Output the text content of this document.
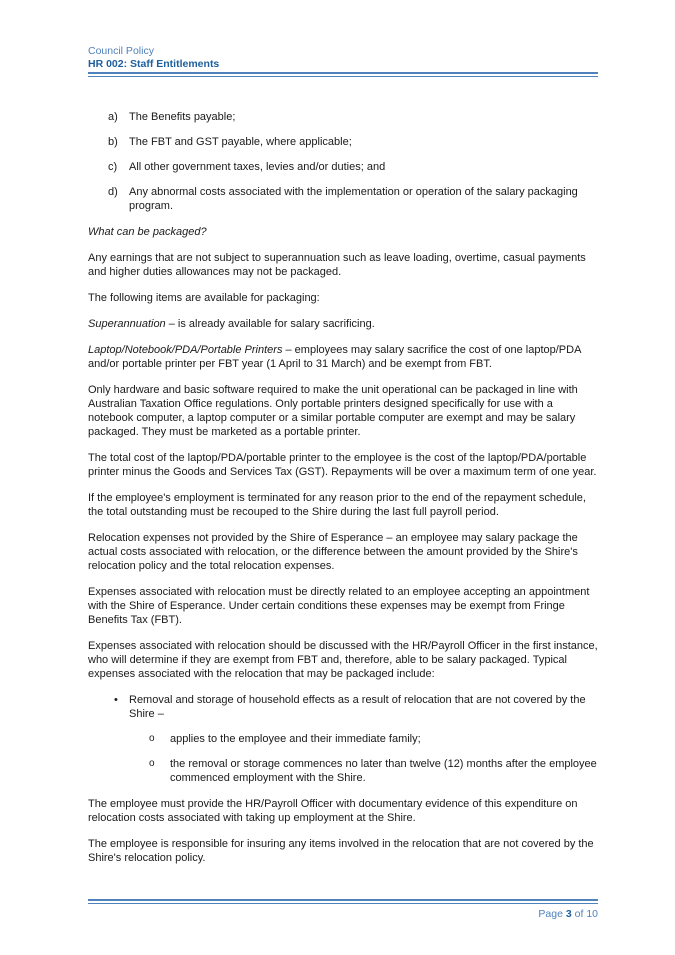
Council Policy
HR 002: Staff Entitlements
a) The Benefits payable;
b) The FBT and GST payable, where applicable;
c) All other government taxes, levies and/or duties; and
d) Any abnormal costs associated with the implementation or operation of the salary packaging program.

What can be packaged?

Any earnings that are not subject to superannuation such as leave loading, overtime, casual payments and higher duties allowances may not be packaged.

The following items are available for packaging:

Superannuation – is already available for salary sacrificing.

Laptop/Notebook/PDA/Portable Printers – employees may salary sacrifice the cost of one laptop/PDA and/or portable printer per FBT year (1 April to 31 March) and be exempt from FBT.

Only hardware and basic software required to make the unit operational can be packaged in line with Australian Taxation Office regulations. Only portable printers designed specifically for use with a notebook computer, a laptop computer or a similar portable computer are exempt and may be salary packaged. They must be marketed as a portable printer.

The total cost of the laptop/PDA/portable printer to the employee is the cost of the laptop/PDA/portable printer minus the Goods and Services Tax (GST). Repayments will be over a maximum term of one year.

If the employee's employment is terminated for any reason prior to the end of the repayment schedule, the total outstanding must be recouped to the Shire during the last full payroll period.

Relocation expenses not provided by the Shire of Esperance – an employee may salary package the actual costs associated with relocation, or the difference between the amount provided by the Shire's relocation policy and the total relocation expenses.

Expenses associated with relocation must be directly related to an employee accepting an appointment with the Shire of Esperance. Under certain conditions these expenses may be exempt from Fringe Benefits Tax (FBT).

Expenses associated with relocation should be discussed with the HR/Payroll Officer in the first instance, who will determine if they are exempt from FBT and, therefore, able to be salary packaged. Typical expenses associated with the relocation that may be packaged include:

• Removal and storage of household effects as a result of relocation that are not covered by the Shire –
o applies to the employee and their immediate family;
o the removal or storage commences no later than twelve (12) months after the employee commenced employment with the Shire.

The employee must provide the HR/Payroll Officer with documentary evidence of this expenditure on relocation costs associated with taking up employment at the Shire.

The employee is responsible for insuring any items involved in the relocation that are not covered by the Shire's relocation policy.

Page 3 of 10
